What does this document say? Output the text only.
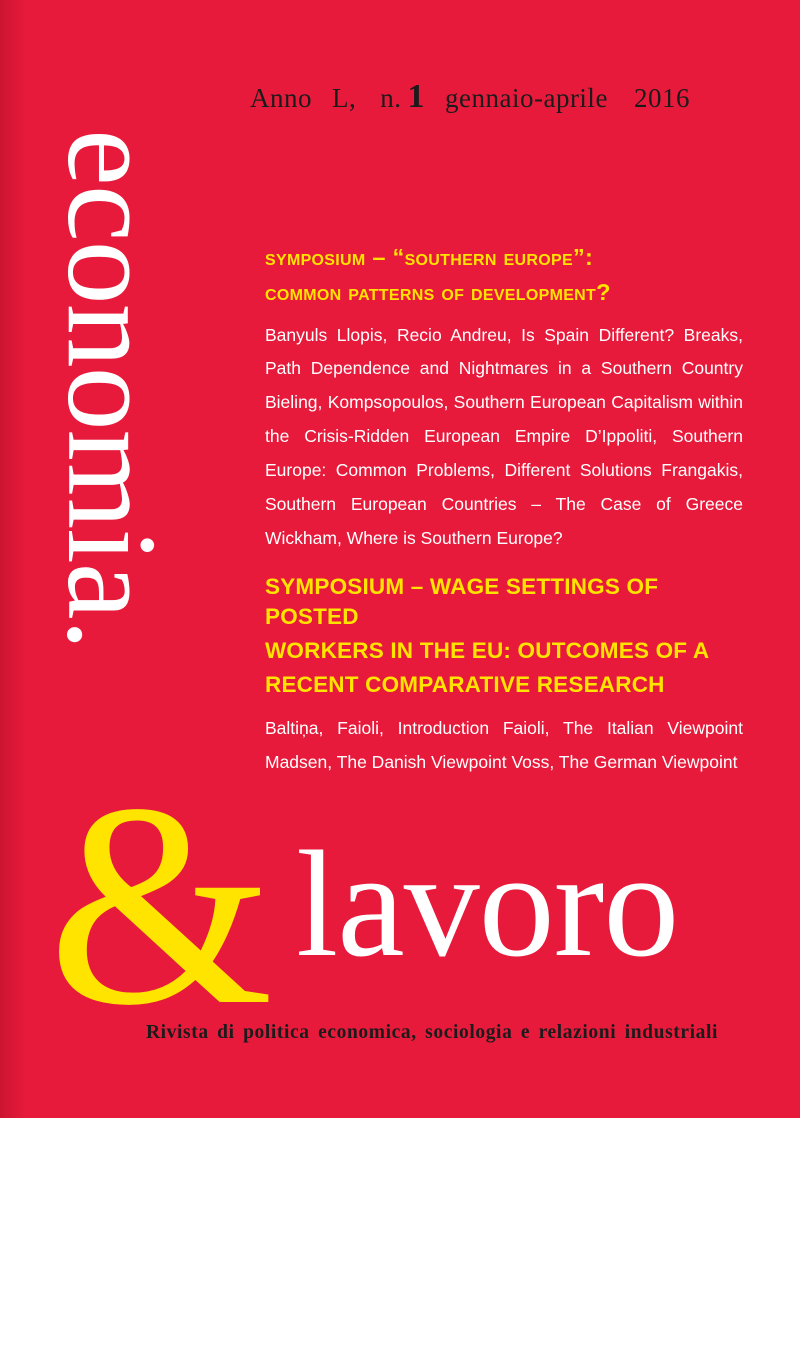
Anno L, n. 1 gennaio-aprile 2016
economia.
& lavoro
Rivista di politica economica, sociologia e relazioni industriali
symposium – “southern europe”:
common patterns of development?

Banyuls Llopis, Recio Andreu, Is Spain Different? Breaks, Path Dependence and Nightmares in a Southern Country Bieling, Kompsopoulos, Southern European Capitalism within the Crisis-Ridden European Empire D’Ippoliti, Southern Europe: Common Problems, Different Solutions Frangakis, Southern European Countries – The Case of Greece Wickham, Where is Southern Europe?

SYMPOSIUM – WAGE SETTINGS OF POSTED
WORKERS IN THE EU: OUTCOMES OF A
RECENT COMPARATIVE RESEARCH

Baltiņa, Faioli, Introduction Faioli, The Italian Viewpoint Madsen, The Danish Viewpoint Voss, The German Viewpoint
